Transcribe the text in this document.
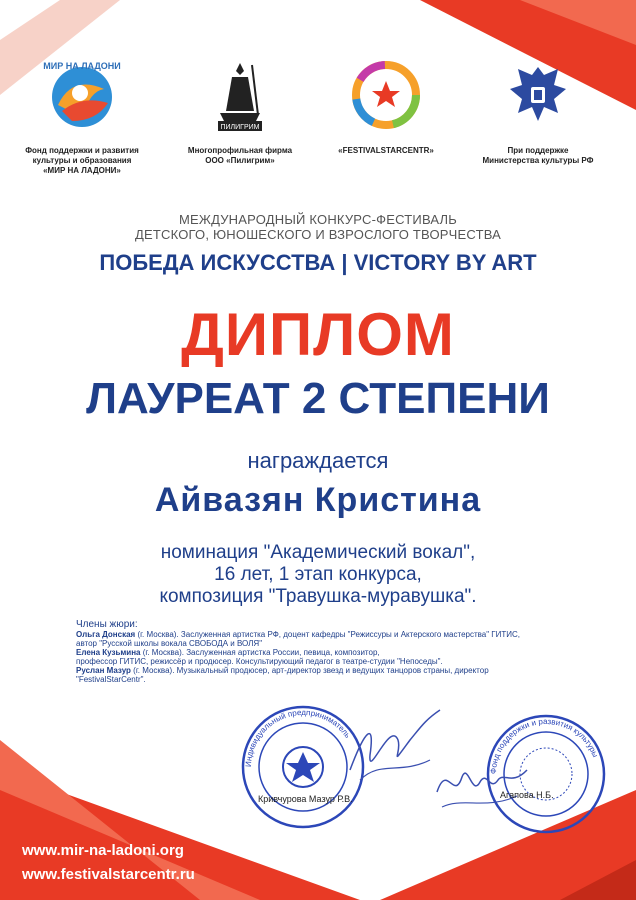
МИР НА ЛАДОНИ
Фонд поддержки и развития
культуры и образования
«МИР НА ЛАДОНИ»
ПИЛИГРИМ
Многопрофильная фирма
ООО «Пилигрим»
«FESTIVALSTARCENTR»	При поддержке
Министерства культуры РФ
МЕЖДУНАРОДНЫЙ КОНКУРС-ФЕСТИВАЛЬ
ДЕТСКОГО, ЮНОШЕСКОГО И ВЗРОСЛОГО ТВОРЧЕСТВА
ПОБЕДА ИСКУССТВА | VICTORY BY ART
ДИПЛОМ
ЛАУРЕАТ 2 СТЕПЕНИ
награждается
Айвазян Кристина
номинация "Академический вокал",
16 лет, 1 этап конкурса,
композиция "Травушка-муравушка".
Члены жюри:
Ольга Донская (г. Москва). Заслуженная артистка РФ, доцент кафедры "Режиссуры и Актерского мастерства" ГИТИС,
автор "Русской школы вокала СВОБОДА и ВОЛЯ"
Елена Кузьмина (г. Москва). Заслуженная артистка России, певица, композитор,
профессор ГИТИС, режиссёр и продюсер. Консультирующий педагог в театре-студии "Непоседы".
Руслан Мазур (г. Москва). Музыкальный продюсер, арт-директор звезд и ведущих танцоров страны, директор
"FestivalStarCentr".
Индивидуальный предприниматель
Фонд поддержки и развития культуры
Кривчурова Мазур Р.В.	Агапова Н.Б.
www.mir-na-ladoni.org
www.festivalstarcentr.ru
